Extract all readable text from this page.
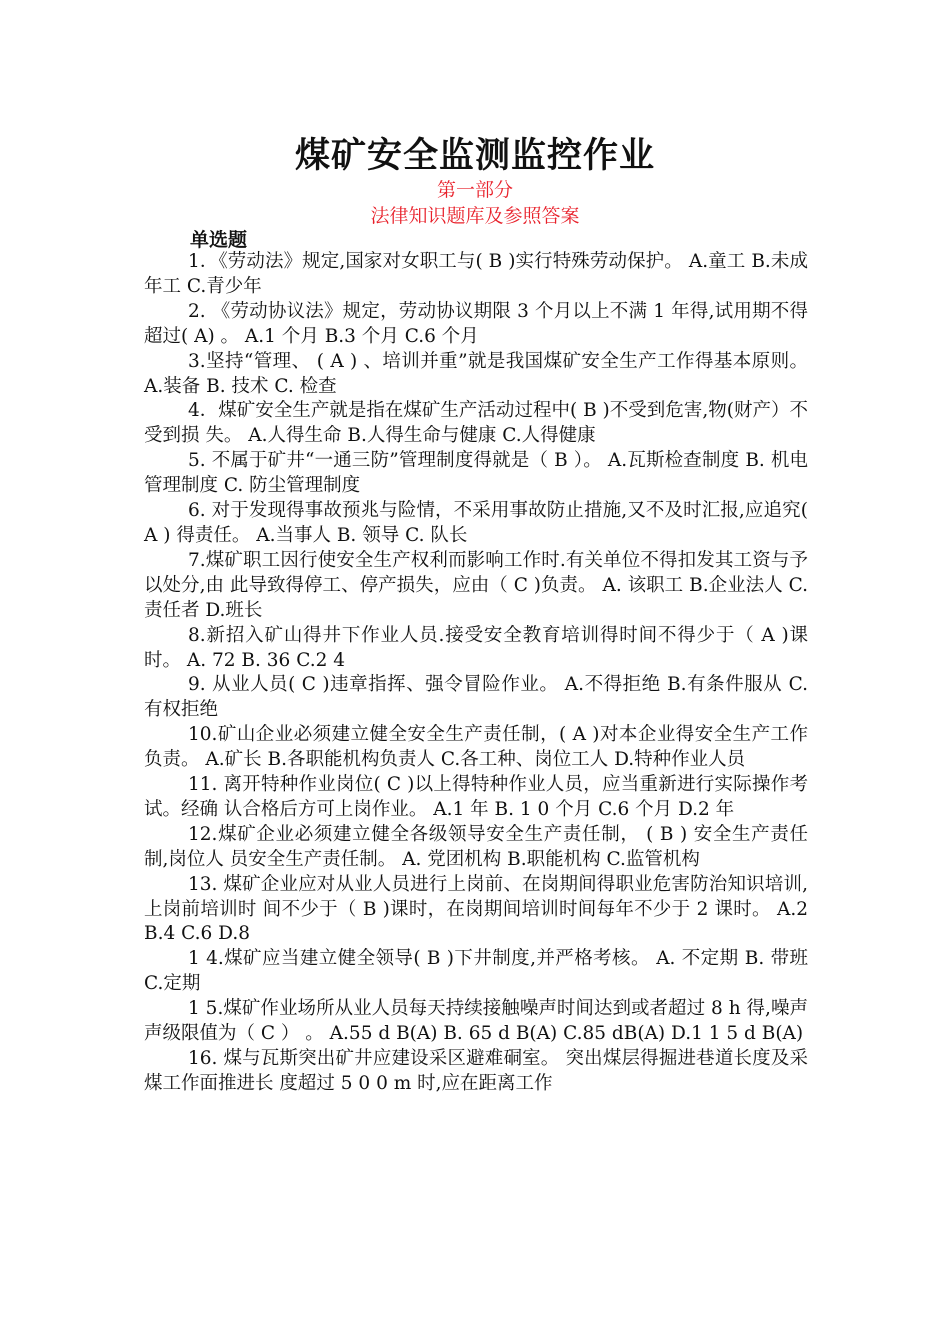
煤矿安全监测监控作业
第一部分
法律知识题库及参照答案
单选题

1．《劳动法》规定,国家对女职工与( B )实行特殊劳动保护。 A.童工 B.未成年工 C.青少年

2. 《劳动协议法》规定，劳动协议期限 3 个月以上不满 1 年得,试用期不得超过( A) 。 A.1 个月 B.3 个月 C.6 个月

3.坚持“管理、 ( A ) 、培训并重”就是我国煤矿安全生产工作得基本原则。 A.装备 B. 技术 C. 检查

4．煤矿安全生产就是指在煤矿生产活动过程中( B )不受到危害,物(财产）不受到损 失。 A.人得生命 B.人得生命与健康 C.人得健康

5. 不属于矿井“一通三防”管理制度得就是（ B ）。 A.瓦斯检查制度 B. 机电管理制度 C. 防尘管理制度

6. 对于发现得事故预兆与险情，不采用事故防止措施,又不及时汇报,应追究( A ) 得责任。 A.当事人 B. 领导 C. 队长

7.煤矿职工因行使安全生产权利而影响工作时.有关单位不得扣发其工资与予以处分,由 此导致得停工、停产损失，应由（ C )负责。 A. 该职工 B.企业法人 C. 责任者 D.班长

8.新招入矿山得井下作业人员.接受安全教育培训得时间不得少于（ A )课时。 A. 72 B. 36 C.2 4

9. 从业人员( C )违章指挥、强令冒险作业。 A.不得拒绝 B.有条件服从 C.有权拒绝

10.矿山企业必须建立健全安全生产责任制，( A )对本企业得安全生产工作负责。 A.矿长 B.各职能机构负责人 C.各工种、岗位工人 D.特种作业人员

11. 离开特种作业岗位( C )以上得特种作业人员，应当重新进行实际操作考试。经确 认合格后方可上岗作业。 A.1 年 B. 1 0 个月 C.6 个月 D.2 年

12.煤矿企业必须建立健全各级领导安全生产责任制， ( B ) 安全生产责任制,岗位人 员安全生产责任制。 A. 党团机构 B.职能机构 C.监管机构

13. 煤矿企业应对从业人员进行上岗前、在岗期间得职业危害防治知识培训,上岗前培训时 间不少于（ B )课时，在岗期间培训时间每年不少于 2 课时。 A.2 B.4 C.6 D.8

1 4.煤矿应当建立健全领导( B )下井制度,并严格考核。 A. 不定期 B. 带班 C.定期

1 5.煤矿作业场所从业人员每天持续接触噪声时间达到或者超过 8 h 得,噪声声级限值为（ C ） 。 A.55 d B(A) B. 65 d B(A) C.85 dB(A) D.1 1 5 d B(A)

16. 煤与瓦斯突出矿井应建设采区避难硐室。 突出煤层得掘进巷道长度及采煤工作面推进长 度超过 5 0 0 m 时,应在距离工作
